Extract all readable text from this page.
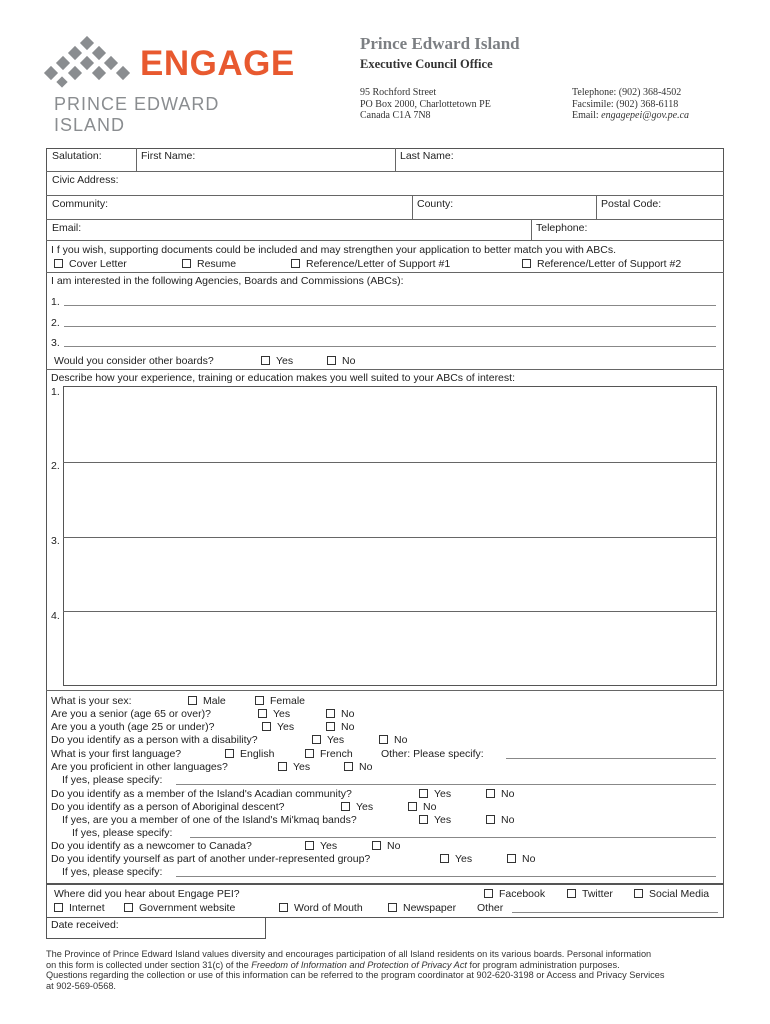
ENGAGE
PRINCE EDWARD ISLAND
Prince Edward Island
Executive Council Office
95 Rochford Street
PO Box 2000, Charlottetown PE
Canada C1A 7N8
Telephone: (902) 368-4502
Facsimile: (902) 368-6118
Email: engagepei@gov.pe.ca
Salutation:	First Name:	Last Name:
Civic Address:
Community:	County:	Postal Code:
Email:	Telephone:
I f you wish, supporting documents could be included and may strengthen your application to better match you with ABCs.
Cover Letter	Resume	Reference/Letter of Support #1	Reference/Letter of Support #2
I am interested in the following Agencies, Boards and Commissions (ABCs):
1.
2.
3.
Would you consider other boards?	Yes	No
Describe how your experience, training or education makes you well suited to your ABCs of interest:
1.
2.
3.
4.
What is your sex:	Male	Female
Are you a senior (age 65 or over)?	Yes	No
Are you a youth (age 25 or under)?	Yes	No
Do you identify as a person with a disability?	Yes	No
What is your first language?	English	French	Other: Please specify:
Are you proficient in other languages?	Yes	No
If yes, please specify:
Do you identify as a member of the Island's Acadian community?	Yes	No
Do you identify as a person of Aboriginal descent?	Yes	No
If yes, are you a member of one of the Island's Mi'kmaq bands?	Yes	No
If yes, please specify:
Do you identify as a newcomer to Canada?	Yes	No
Do you identify yourself as part of another under-represented group?	Yes	No
If yes, please specify:
Where did you hear about Engage PEI?	Facebook	Twitter	Social Media
Internet	Government website	Word of Mouth	Newspaper Other
Date received:
The Province of Prince Edward Island values diversity and encourages participation of all Island residents on its various boards. Personal information
on this form is collected under section 31(c) of the Freedom of Information and Protection of Privacy Act for program administration purposes.
Questions regarding the collection or use of this information can be referred to the program coordinator at 902-620-3198 or Access and Privacy Services
at 902-569-0568.
